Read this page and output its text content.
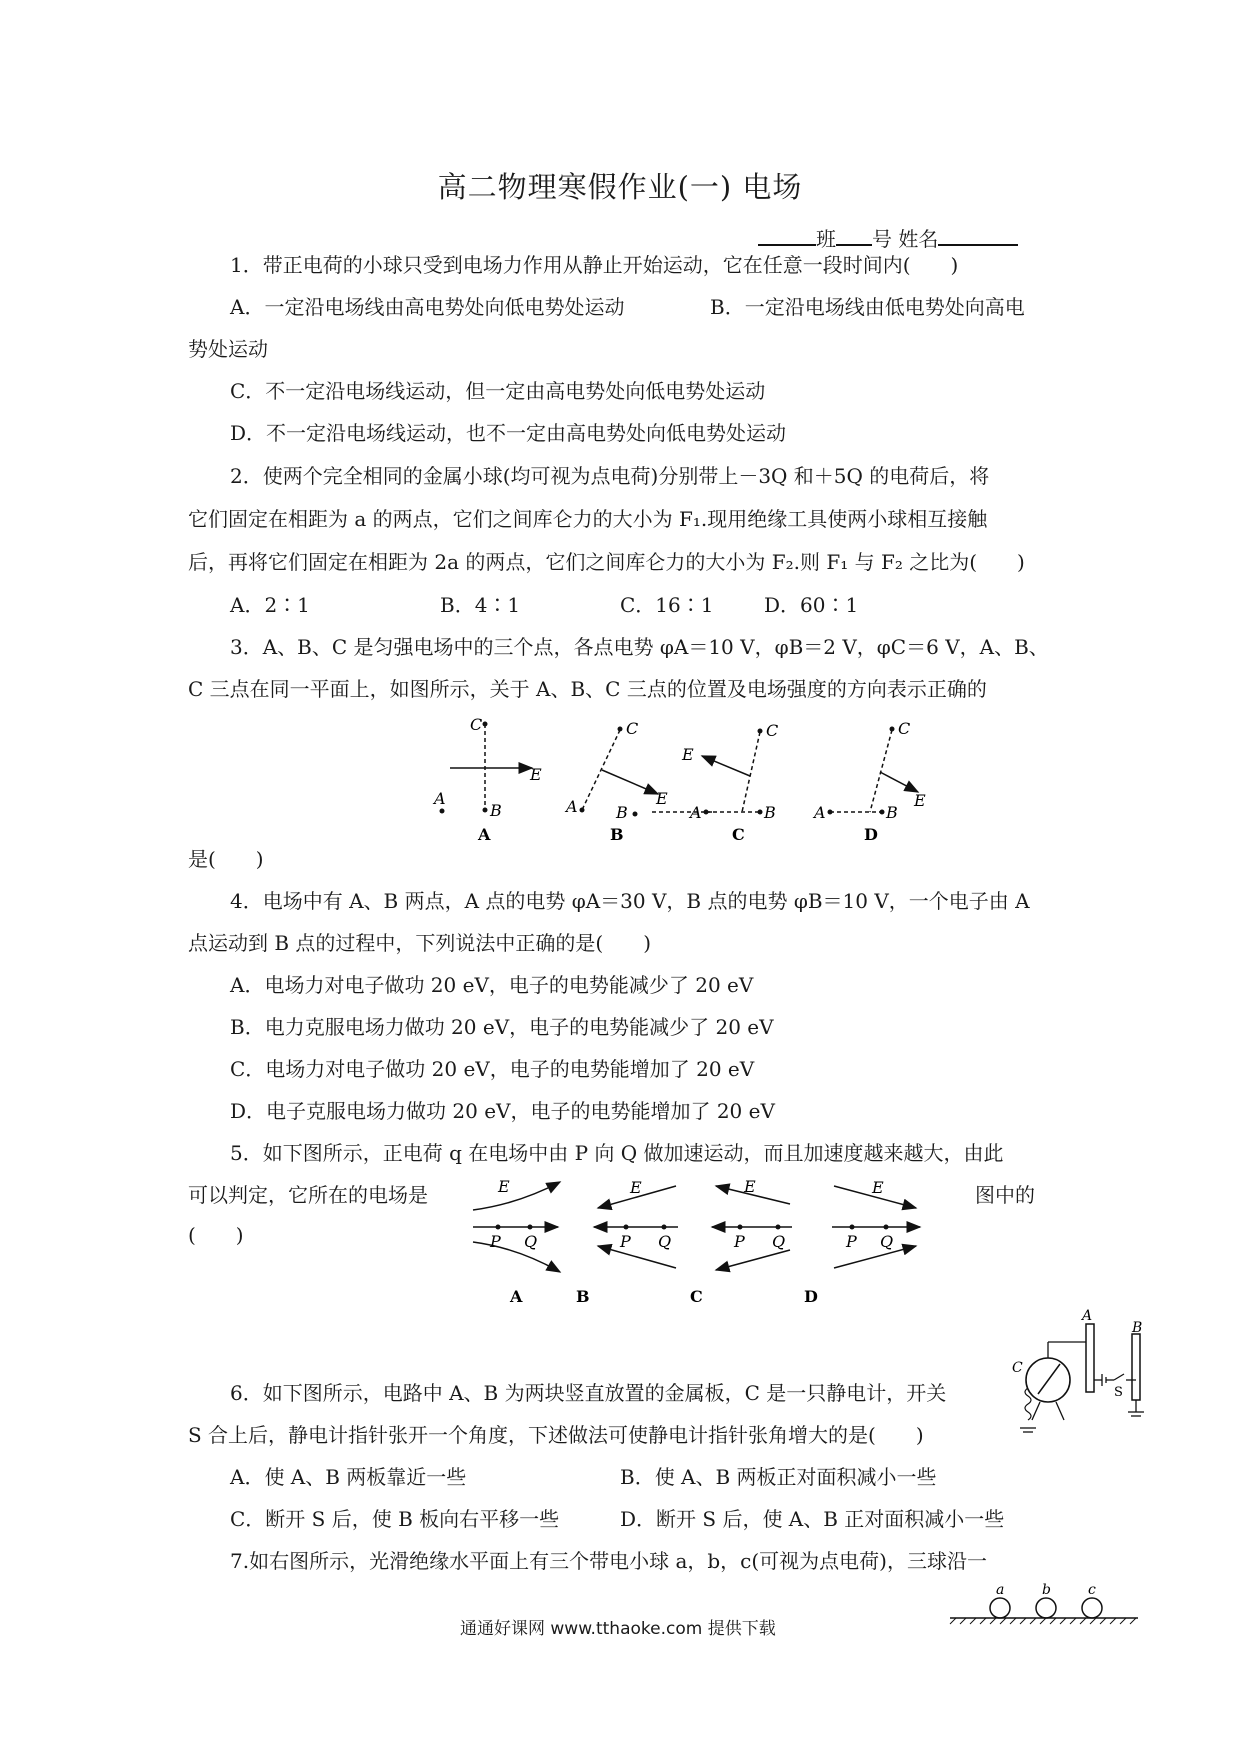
高二物理寒假作业(一) 电场
班 号 姓名
1．带正电荷的小球只受到电场力作用从静止开始运动，它在任意一段时间内(　　)
A．一定沿电场线由高电势处向低电势处运动	B．一定沿电场线由低电势处向高电
势处运动
C．不一定沿电场线运动，但一定由高电势处向低电势处运动
D．不一定沿电场线运动，也不一定由高电势处向低电势处运动
2．使两个完全相同的金属小球(均可视为点电荷)分别带上－3Q 和＋5Q 的电荷后，将
它们固定在相距为 a 的两点，它们之间库仑力的大小为 F₁.现用绝缘工具使两小球相互接触
后，再将它们固定在相距为 2a 的两点，它们之间库仑力的大小为 F₂.则 F₁ 与 F₂ 之比为(　　)
A．2∶1	B．4∶1	C．16∶1	D．60∶1
3．A、B、C 是匀强电场中的三个点，各点电势 φA＝10 V，φB＝2 V，φC＝6 V，A、B、
C 三点在同一平面上，如图所示，关于 A、B、C 三点的位置及电场强度的方向表示正确的
C
B
A
E
A
C
A B
E
B
C
E
A	B
C
C
A	B
E
D
是(　　)
4．电场中有 A、B 两点，A 点的电势 φA＝30 V，B 点的电势 φB＝10 V，一个电子由 A
点运动到 B 点的过程中，下列说法中正确的是(　　)
A．电场力对电子做功 20 eV，电子的电势能减少了 20 eV
B．电力克服电场力做功 20 eV，电子的电势能减少了 20 eV
C．电场力对电子做功 20 eV，电子的电势能增加了 20 eV
D．电子克服电场力做功 20 eV，电子的电势能增加了 20 eV
5．如下图所示，正电荷 q 在电场中由 P 向 Q 做加速运动，而且加速度越来越大，由此
可以判定，它所在的电场是	图中的
(　　)
E
P Q
A
E
P Q
B
E
P Q
C
E
P Q
D
A
B
C
S
6．如下图所示，电路中 A、B 为两块竖直放置的金属板，C 是一只静电计，开关
S 合上后，静电计指针张开一个角度，下述做法可使静电计指针张角增大的是(　　)
A．使 A、B 两板靠近一些	B．使 A、B 两板正对面积减小一些
C．断开 S 后，使 B 板向右平移一些	D．断开 S 后，使 A、B 正对面积减小一些
7.如右图所示，光滑绝缘水平面上有三个带电小球 a，b，c(可视为点电荷)，三球沿一
a	b	c
通通好课网 www.tthaoke.com 提供下载
